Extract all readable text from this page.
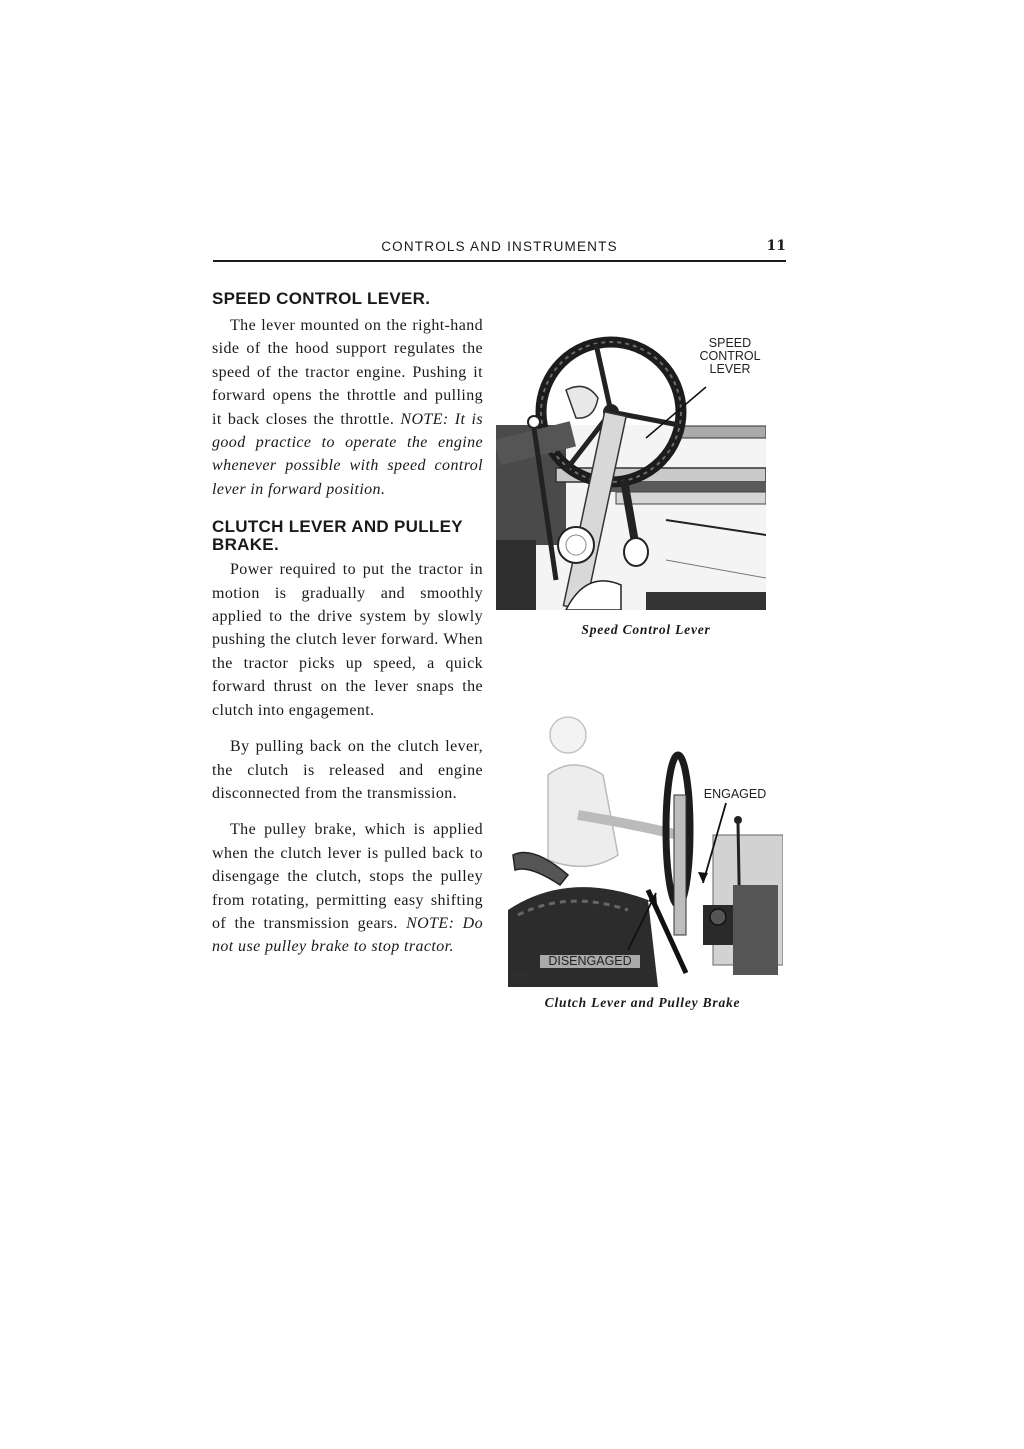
CONTROLS AND INSTRUMENTS	11
SPEED CONTROL LEVER.

The lever mounted on the right-hand side of the hood support regulates the speed of the tractor engine. Pushing it forward opens the throttle and pulling it back closes the throttle. NOTE: It is good practice to operate the engine whenever possible with speed control lever in forward position.

CLUTCH LEVER AND PULLEY BRAKE.

Power required to put the tractor in motion is gradually and smoothly applied to the drive system by slowly pushing the clutch lever forward. When the tractor picks up speed, a quick forward thrust on the lever snaps the clutch into engagement.

By pulling back on the clutch lever, the clutch is released and engine disconnected from the transmission.

The pulley brake, which is applied when the clutch lever is pulled back to disengage the clutch, stops the pulley from rotating, permitting easy shifting of the transmission gears. NOTE: Do not use pulley brake to stop tractor.

SPEED
CONTROL
LEVER
24924
Speed Control Lever
ENGAGED
DISENGAGED
24926
Clutch Lever and Pulley Brake
